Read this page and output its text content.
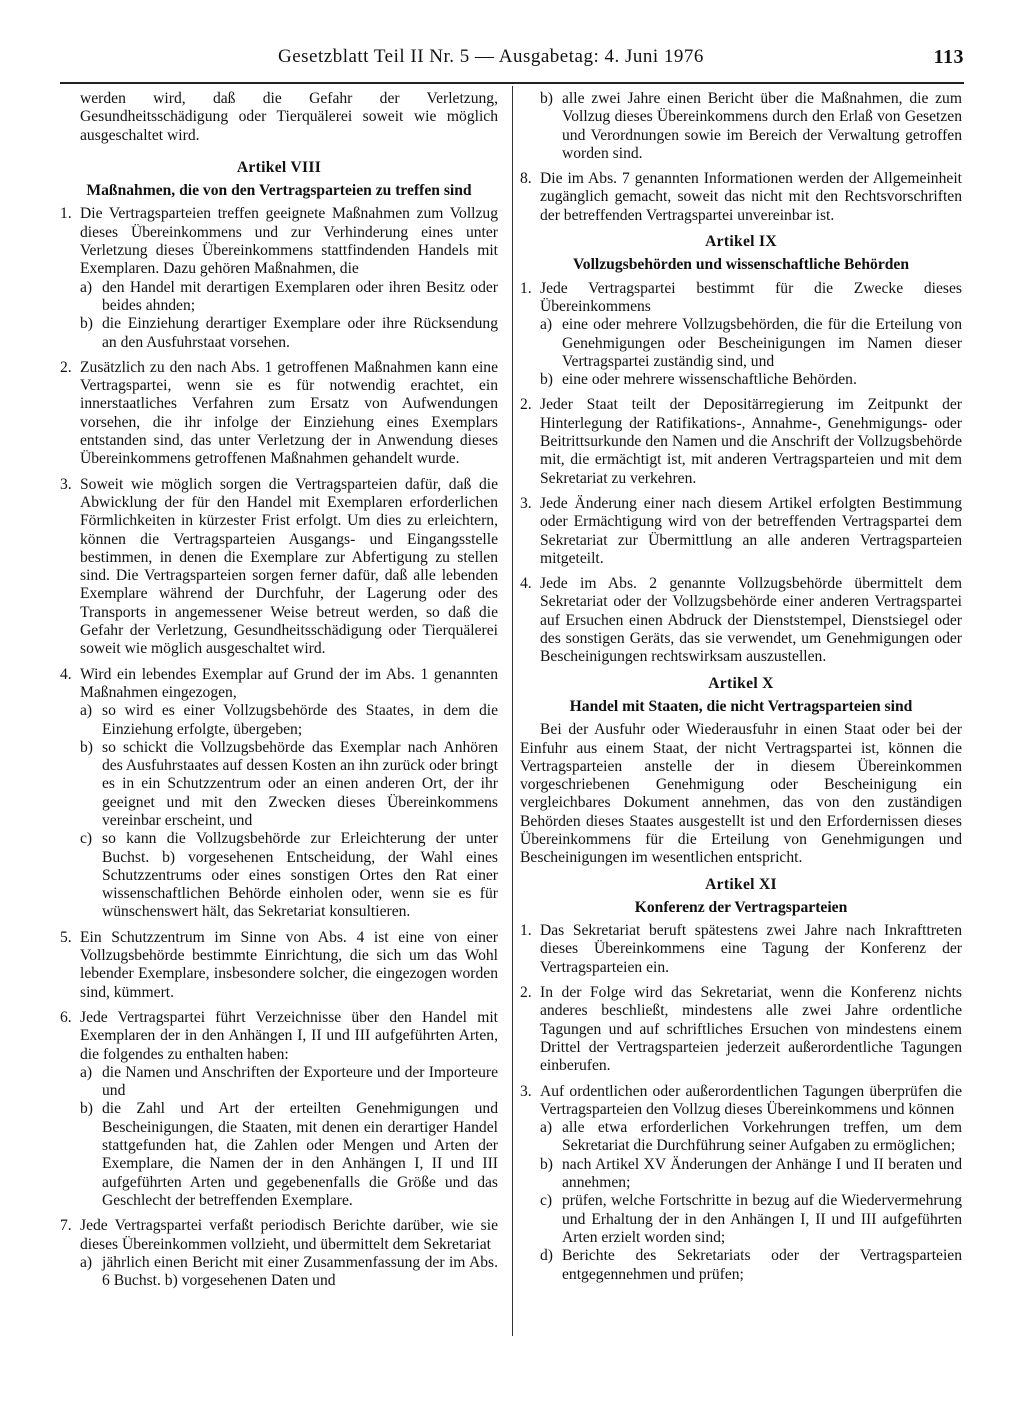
Gesetzblatt Teil II Nr. 5 — Ausgabetag: 4. Juni 1976	113

werden wird, daß die Gefahr der Verletzung, Gesundheitsschädigung oder Tierquälerei soweit wie möglich ausgeschaltet wird.

Artikel VIII
Maßnahmen, die von den Vertragsparteien zu treffen sind
1. Die Vertragsparteien treffen geeignete Maßnahmen zum Vollzug dieses Übereinkommens und zur Verhinderung eines unter Verletzung dieses Übereinkommens stattfindenden Handels mit Exemplaren. Dazu gehören Maßnahmen, die

a) den Handel mit derartigen Exemplaren oder ihren Besitz oder beides ahnden;

b) die Einziehung derartiger Exemplare oder ihre Rücksendung an den Ausfuhrstaat vorsehen.

2. Zusätzlich zu den nach Abs. 1 getroffenen Maßnahmen kann eine Vertragspartei, wenn sie es für notwendig erachtet, ein innerstaatliches Verfahren zum Ersatz von Aufwendungen vorsehen, die ihr infolge der Einziehung eines Exemplars entstanden sind, das unter Verletzung der in Anwendung dieses Übereinkommens getroffenen Maßnahmen gehandelt wurde.

3. Soweit wie möglich sorgen die Vertragsparteien dafür, daß die Abwicklung der für den Handel mit Exemplaren erforderlichen Förmlichkeiten in kürzester Frist erfolgt. Um dies zu erleichtern, können die Vertragsparteien Ausgangs- und Eingangsstelle bestimmen, in denen die Exemplare zur Abfertigung zu stellen sind. Die Vertragsparteien sorgen ferner dafür, daß alle lebenden Exemplare während der Durchfuhr, der Lagerung oder des Transports in angemessener Weise betreut werden, so daß die Gefahr der Verletzung, Gesundheitsschädigung oder Tierquälerei soweit wie möglich ausgeschaltet wird.

4. Wird ein lebendes Exemplar auf Grund der im Abs. 1 genannten Maßnahmen eingezogen,

a) so wird es einer Vollzugsbehörde des Staates, in dem die Einziehung erfolgte, übergeben;

b) so schickt die Vollzugsbehörde das Exemplar nach Anhören des Ausfuhrstaates auf dessen Kosten an ihn zurück oder bringt es in ein Schutzzentrum oder an einen anderen Ort, der ihr geeignet und mit den Zwecken dieses Übereinkommens vereinbar erscheint, und

c) so kann die Vollzugsbehörde zur Erleichterung der unter Buchst. b) vorgesehenen Entscheidung, der Wahl eines Schutzzentrums oder eines sonstigen Ortes den Rat einer wissenschaftlichen Behörde einholen oder, wenn sie es für wünschenswert hält, das Sekretariat konsultieren.

5. Ein Schutzzentrum im Sinne von Abs. 4 ist eine von einer Vollzugsbehörde bestimmte Einrichtung, die sich um das Wohl lebender Exemplare, insbesondere solcher, die eingezogen worden sind, kümmert.

6. Jede Vertragspartei führt Verzeichnisse über den Handel mit Exemplaren der in den Anhängen I, II und III aufgeführten Arten, die folgendes zu enthalten haben:

a) die Namen und Anschriften der Exporteure und der Importeure und

b) die Zahl und Art der erteilten Genehmigungen und Bescheinigungen, die Staaten, mit denen ein derartiger Handel stattgefunden hat, die Zahlen oder Mengen und Arten der Exemplare, die Namen der in den Anhängen I, II und III aufgeführten Arten und gegebenenfalls die Größe und das Geschlecht der betreffenden Exemplare.

7. Jede Vertragspartei verfaßt periodisch Berichte darüber, wie sie dieses Übereinkommen vollzieht, und übermittelt dem Sekretariat

a) jährlich einen Bericht mit einer Zusammenfassung der im Abs. 6 Buchst. b) vorgesehenen Daten und

b) alle zwei Jahre einen Bericht über die Maßnahmen, die zum Vollzug dieses Übereinkommens durch den Erlaß von Gesetzen und Verordnungen sowie im Bereich der Verwaltung getroffen worden sind.

8. Die im Abs. 7 genannten Informationen werden der Allgemeinheit zugänglich gemacht, soweit das nicht mit den Rechtsvorschriften der betreffenden Vertragspartei unvereinbar ist.

Artikel IX
Vollzugsbehörden und wissenschaftliche Behörden
1. Jede Vertragspartei bestimmt für die Zwecke dieses Übereinkommens

a) eine oder mehrere Vollzugsbehörden, die für die Erteilung von Genehmigungen oder Bescheinigungen im Namen dieser Vertragspartei zuständig sind, und

b) eine oder mehrere wissenschaftliche Behörden.

2. Jeder Staat teilt der Depositärregierung im Zeitpunkt der Hinterlegung der Ratifikations-, Annahme-, Genehmigungs- oder Beitrittsurkunde den Namen und die Anschrift der Vollzugsbehörde mit, die ermächtigt ist, mit anderen Vertragsparteien und mit dem Sekretariat zu verkehren.

3. Jede Änderung einer nach diesem Artikel erfolgten Bestimmung oder Ermächtigung wird von der betreffenden Vertragspartei dem Sekretariat zur Übermittlung an alle anderen Vertragsparteien mitgeteilt.

4. Jede im Abs. 2 genannte Vollzugsbehörde übermittelt dem Sekretariat oder der Vollzugsbehörde einer anderen Vertragspartei auf Ersuchen einen Abdruck der Dienststempel, Dienstsiegel oder des sonstigen Geräts, das sie verwendet, um Genehmigungen oder Bescheinigungen rechtswirksam auszustellen.

Artikel X
Handel mit Staaten, die nicht Vertragsparteien sind

Bei der Ausfuhr oder Wiederausfuhr in einen Staat oder bei der Einfuhr aus einem Staat, der nicht Vertragspartei ist, können die Vertragsparteien anstelle der in diesem Übereinkommen vorgeschriebenen Genehmigung oder Bescheinigung ein vergleichbares Dokument annehmen, das von den zuständigen Behörden dieses Staates ausgestellt ist und den Erfordernissen dieses Übereinkommens für die Erteilung von Genehmigungen und Bescheinigungen im wesentlichen entspricht.

Artikel XI
Konferenz der Vertragsparteien
1. Das Sekretariat beruft spätestens zwei Jahre nach Inkrafttreten dieses Übereinkommens eine Tagung der Konferenz der Vertragsparteien ein.

2. In der Folge wird das Sekretariat, wenn die Konferenz nichts anderes beschließt, mindestens alle zwei Jahre ordentliche Tagungen und auf schriftliches Ersuchen von mindestens einem Drittel der Vertragsparteien jederzeit außerordentliche Tagungen einberufen.

3. Auf ordentlichen oder außerordentlichen Tagungen überprüfen die Vertragsparteien den Vollzug dieses Übereinkommens und können

a) alle etwa erforderlichen Vorkehrungen treffen, um dem Sekretariat die Durchführung seiner Aufgaben zu ermöglichen;

b) nach Artikel XV Änderungen der Anhänge I und II beraten und annehmen;

c) prüfen, welche Fortschritte in bezug auf die Wiedervermehrung und Erhaltung der in den Anhängen I, II und III aufgeführten Arten erzielt worden sind;

d) Berichte des Sekretariats oder der Vertragsparteien entgegennehmen und prüfen;
